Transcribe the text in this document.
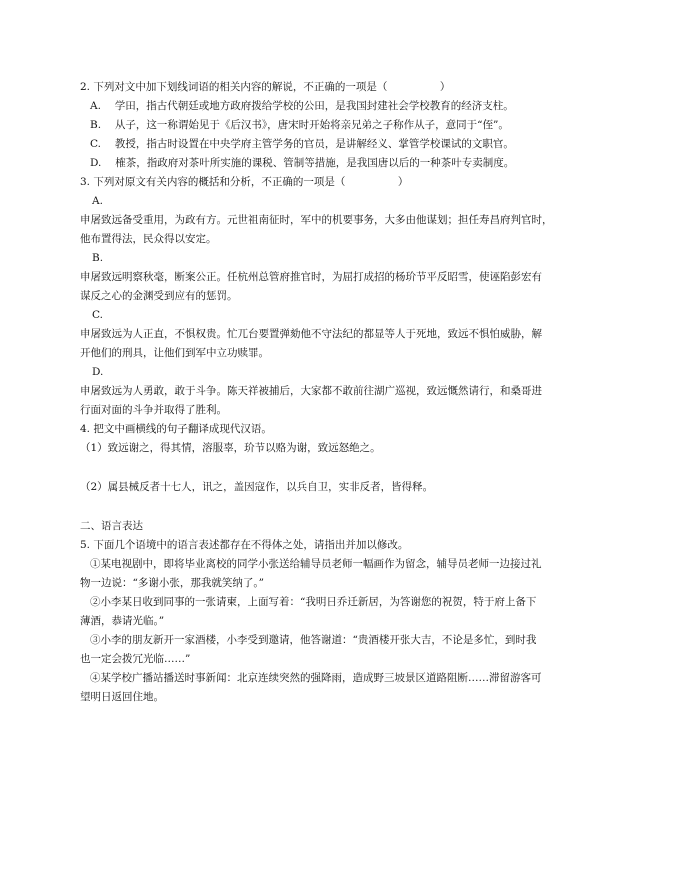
2. 下列对文中加下划线词语的相关内容的解说，不正确的一项是（　　　　　）
A.　 学田，指古代朝廷或地方政府拨给学校的公田，是我国封建社会学校教育的经济支柱。
B.　 从子，这一称谓始见于《后汉书》，唐宋时开始将亲兄弟之子称作从子，意同于“侄”。
C.　 教授，指古时设置在中央学府主管学务的官员，是讲解经义、掌管学校课试的文职官。
D.　 榷茶，指政府对茶叶所实施的课税、管制等措施，是我国唐以后的一种茶叶专卖制度。
3. 下列对原文有关内容的概括和分析，不正确的一项是（　　　　　）
A.
申屠致远备受重用，为政有方。元世祖南征时，军中的机要事务，大多由他谋划；担任寿昌府判官时，
他布置得法，民众得以安定。
B.
申屠致远明察秋毫，断案公正。任杭州总管府推官时，为屈打成招的杨玠节平反昭雪，使诬陷彭宏有
谋反之心的金渊受到应有的惩罚。
C.
申屠致远为人正直，不惧权贵。忙兀台要置弹劾他不守法纪的都显等人于死地，致远不惧怕威胁，解
开他们的刑具，让他们到军中立功赎罪。
D.
申屠致远为人勇敢，敢于斗争。陈天祥被捕后，大家都不敢前往湖广巡视，致远慨然请行，和桑哥进
行面对面的斗争并取得了胜利。
4. 把文中画横线的句子翻译成现代汉语。
（1）致远谢之，得其情，溶服辜，玠节以赂为谢，致远怒绝之。
（2）属县械反者十七人，讯之，盖因寇作，以兵自卫，实非反者，皆得释。
二、语言表达
5. 下面几个语境中的语言表述都存在不得体之处，请指出并加以修改。
①某电视剧中，即将毕业离校的同学小张送给辅导员老师一幅画作为留念，辅导员老师一边接过礼
物一边说：“多谢小张，那我就笑纳了。”
②小李某日收到同事的一张请柬，上面写着：“我明日乔迁新居，为答谢您的祝贺，特于府上备下
薄酒，恭请光临。”
③小李的朋友新开一家酒楼，小李受到邀请，他答谢道：“贵酒楼开张大吉，不论是多忙，到时我
也一定会拨冗光临……”
④某学校广播站播送时事新闻：北京连续突然的强降雨，造成野三坡景区道路阻断……滞留游客可
望明日返回住地。
